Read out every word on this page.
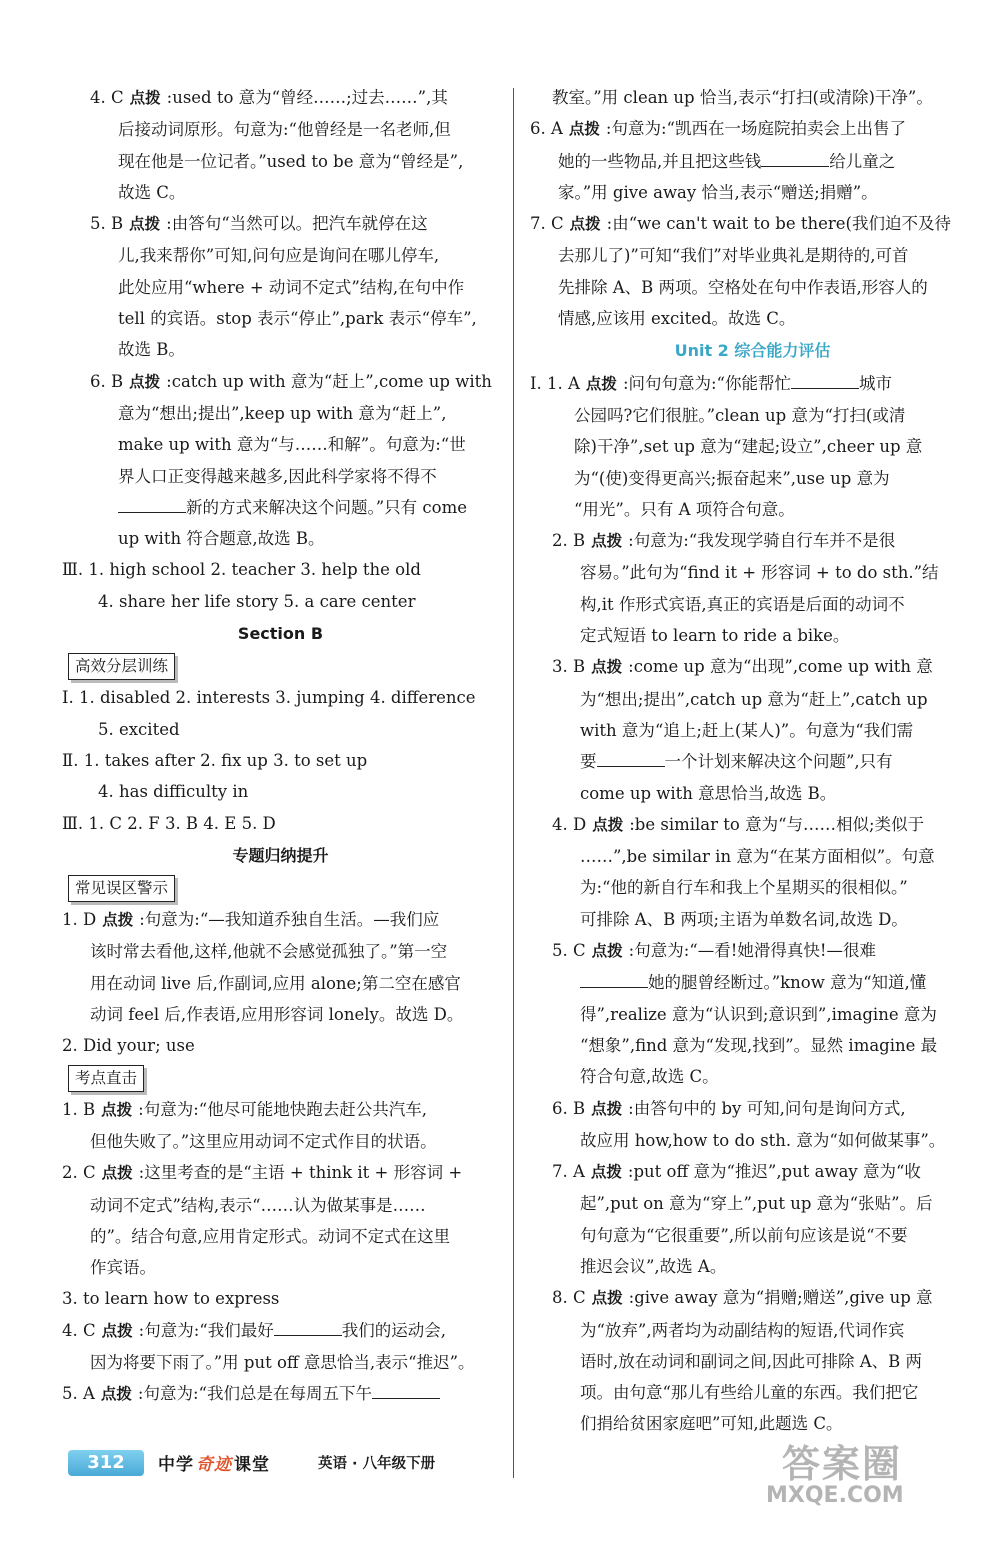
4. C 点拨 :used to 意为“曾经……;过去……”,其
后接动词原形。句意为:“他曾经是一名老师,但
现在他是一位记者。”used to be 意为“曾经是”,
故选 C。

5. B 点拨 :由答句“当然可以。把汽车就停在这
儿,我来帮你”可知,问句应是询问在哪儿停车,
此处应用“where + 动词不定式”结构,在句中作
tell 的宾语。stop 表示“停止”,park 表示“停车”,
故选 B。

6. B 点拨 :catch up with 意为“赶上”,come up with
意为“想出;提出”,keep up with 意为“赶上”,
make up with 意为“与……和解”。句意为:“世
界人口正变得越来越多,因此科学家将不得不
新的方式来解决这个问题。”只有 come
up with 符合题意,故选 B。

Ⅲ. 1. high school 2. teacher 3. help the old

4. share her life story 5. a care center

Section B

高效分层训练

Ⅰ. 1. disabled 2. interests 3. jumping 4. difference

5. excited

Ⅱ. 1. takes after 2. fix up 3. to set up

4. has difficulty in

Ⅲ. 1. C 2. F 3. B 4. E 5. D

专题归纳提升

常见误区警示

1. D 点拨 :句意为:“—我知道乔独自生活。—我们应
该时常去看他,这样,他就不会感觉孤独了。”第一空
用在动词 live 后,作副词,应用 alone;第二空在感官
动词 feel 后,作表语,应用形容词 lonely。故选 D。

2. Did your; use

考点直击

1. B 点拨 :句意为:“他尽可能地快跑去赶公共汽车,
但他失败了。”这里应用动词不定式作目的状语。

2. C 点拨 :这里考查的是“主语 + think it + 形容词 +
动词不定式”结构,表示“……认为做某事是……
的”。结合句意,应用肯定形式。动词不定式在这里
作宾语。

3. to learn how to express

4. C 点拨 :句意为:“我们最好	我们的运动会,
因为将要下雨了。”用 put off 意思恰当,表示“推迟”。

5. A 点拨 :句意为:“我们总是在每周五下午

教室。”用 clean up 恰当,表示“打扫(或清除)干净”。

6. A 点拨 :句意为:“凯西在一场庭院拍卖会上出售了
她的一些物品,并且把这些钱	给儿童之
家。”用 give away 恰当,表示“赠送;捐赠”。

7. C 点拨 :由“we can't wait to be there(我们迫不及待
去那儿了)”可知“我们”对毕业典礼是期待的,可首
先排除 A、B 两项。空格处在句中作表语,形容人的
情感,应该用 excited。故选 C。

Unit 2 综合能力评估

Ⅰ. 1. A 点拨 :问句句意为:“你能帮忙	城市
公园吗?它们很脏。”clean up 意为“打扫(或清
除)干净”,set up 意为“建起;设立”,cheer up 意
为“(使)变得更高兴;振奋起来”,use up 意为
“用光”。只有 A 项符合句意。

2. B 点拨 :句意为:“我发现学骑自行车并不是很
容易。”此句为“find it + 形容词 + to do sth.”结
构,it 作形式宾语,真正的宾语是后面的动词不
定式短语 to learn to ride a bike。

3. B 点拨 :come up 意为“出现”,come up with 意
为“想出;提出”,catch up 意为“赶上”,catch up
with 意为“追上;赶上(某人)”。句意为“我们需
要	一个计划来解决这个问题”,只有
come up with 意思恰当,故选 B。

4. D 点拨 :be similar to 意为“与……相似;类似于
……”,be similar in 意为“在某方面相似”。句意
为:“他的新自行车和我上个星期买的很相似。”
可排除 A、B 两项;主语为单数名词,故选 D。

5. C 点拨 :句意为:“—看!她滑得真快!—很难
她的腿曾经断过。”know 意为“知道,懂
得”,realize 意为“认识到;意识到”,imagine 意为
“想象”,find 意为“发现,找到”。显然 imagine 最
符合句意,故选 C。

6. B 点拨 :由答句中的 by 可知,问句是询问方式,
故应用 how,how to do sth. 意为“如何做某事”。

7. A 点拨 :put off 意为“推迟”,put away 意为“收
起”,put on 意为“穿上”,put up 意为“张贴”。后
句句意为“它很重要”,所以前句应该是说“不要
推迟会议”,故选 A。

8. C 点拨 :give away 意为“捐赠;赠送”,give up 意
为“放弃”,两者均为动副结构的短语,代词作宾
语时,放在动词和副词之间,因此可排除 A、B 两
项。由句意“那儿有些给儿童的东西。我们把它
们捐给贫困家庭吧”可知,此题选 C。

312	中学 奇迹 课堂	英语 · 八年级下册	答案圈
MXQE.COM
